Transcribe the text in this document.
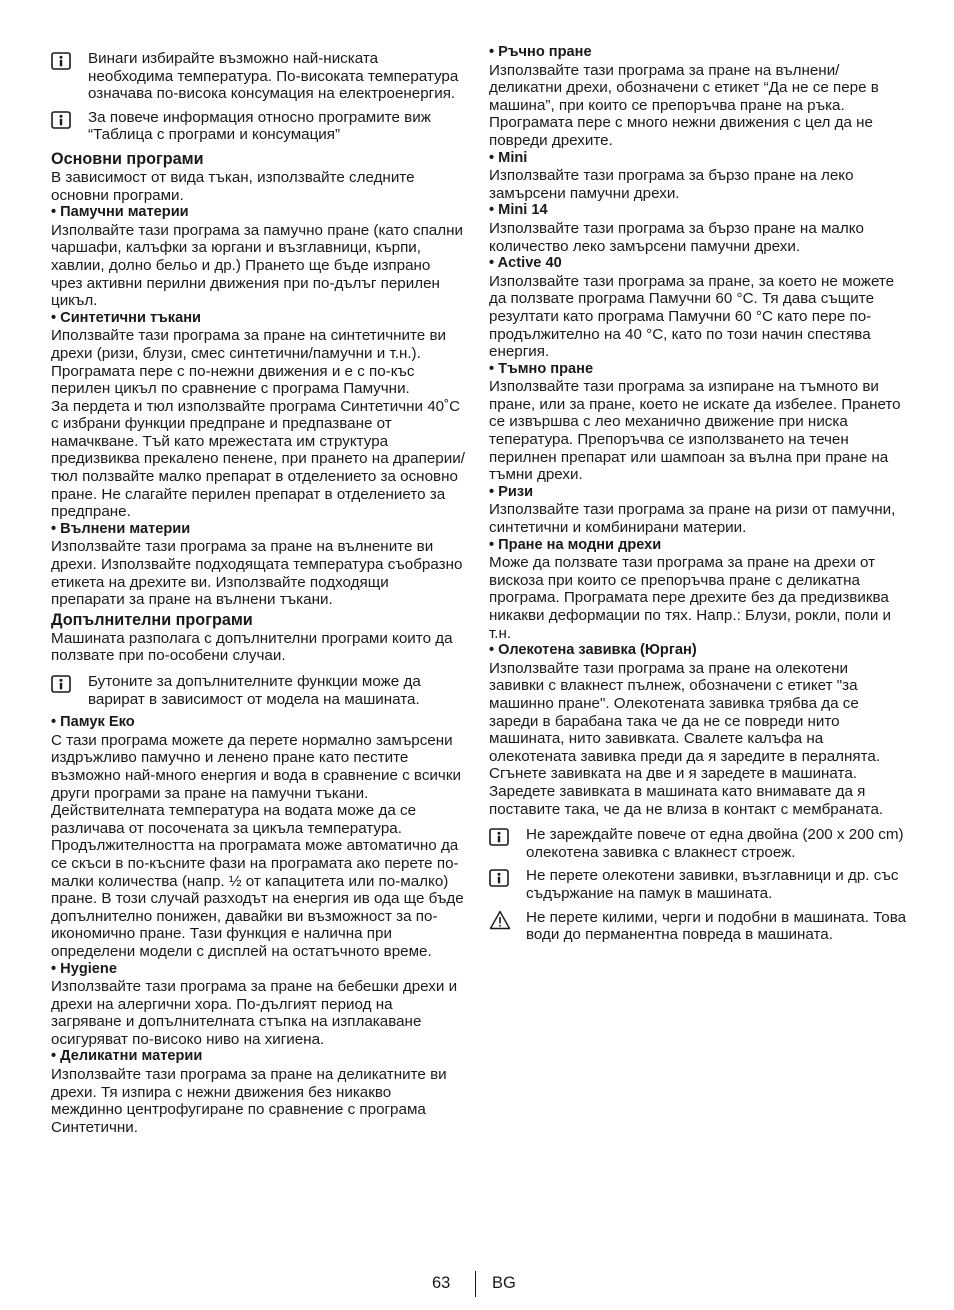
Винаги избирайте възможно най-ниската необходима температура. По-високата температура означава по-висока консумация на електроенергия.

За повече информация относно програмите виж “Таблица с програми и консумация”

Основни програми

В зависимост от вида тъкан, използвайте следните основни програми.

• Памучни материи

Изполвайте тази програма за памучно пране (като спални чаршафи, калъфки за юргани и възглавници, кърпи, хавлии, долно бельо и др.) Прането ще бъде изпрано чрез активни перилни движения при по-дълъг перилен цикъл.

• Синтетични тъкани

Иползвайте тази програма за пране на синтетичните ви дрехи (ризи, блузи, смес синтетични/памучни и т.н.). Програмата пере с по-нежни движения и е с по-къс перилен цикъл по сравнение с програма Памучни.

За пердета и тюл използвайте програма Синтетични 40˚C с избрани функции предпране и предпазване от намачкване. Тъй като мрежестата им структура предизвиква прекалено пенене, при прането на драперии/тюл ползвайте малко препарат в отделението за основно пране. Не слагайте перилен препарат в отделението за предпране.

• Вълнени материи

Използвайте тази програма за пране на вълнените ви дрехи. Използвайте подходящата температура съобразно етикета на дрехите ви. Използвайте подходящи препарати за пране на вълнени тъкани.

Допълнителни програми

Машината разполага с допълнителни програми които да ползвате при по-особени случаи.

Бутоните за допълнителните функции може да варират в зависимост от модела на машината.

• Памук Еко

С тази програма можете да перете нормално замърсени издръжливо памучно и ленено пране като пестите възможно най-много енергия и вода в сравнение с всички други програми за пране на памучни тъкани. Действителната температура на водата може да се различава от посочената за цикъла температура. Продължителността на програмата може автоматично да се скъси в по-късните фази на програмата ако перете по-малки количества (напр. ½ от капацитета или по-малко) пране. В този случай разходът на енергия ив ода ще бъде допълнително понижен, давайки ви възможност за по-икономично пране. Тази функция е налична при определени модели с дисплей на остатъчното време.

• Hygiene

Използвайте тази програма за пране на бебешки дрехи и дрехи на алергични хора. По-дългият период на загряване и допълнителната стъпка на изплакаване осигуряват по-високо ниво на хигиена.

• Деликатни материи

Използвайте тази програма за пране на деликатните ви дрехи. Тя изпира с нежни движения без никакво междинно центрофугиране по сравнение с програма Синтетични.

• Ръчно пране

Използвайте тази програма за пране на вълнени/ деликатни дрехи, обозначени с етикет “Да не се пере в машина”, при които се препоръчва пране на ръка. Програмата пере с много нежни движения с цел да не повреди дрехите.

• Mini

Използвайте тази програма за бързо пране на леко замърсени памучни дрехи.

• Mini 14

Използвайте тази програма за бързо пране на малко количество леко замърсени памучни дрехи.

• Active 40

Използвайте тази програма за пране, за което не можете да ползвате програма Памучни 60 °C. Тя дава същите резултати като програма Памучни 60 °C като пере по-продължително на 40 °C, като по този начин спестява енергия.

• Тъмно пране

Използвайте тази програма за изпиране на тъмното ви пране, или за пране, което не искате да избелее. Прането се извършва с лео механично движение при ниска тепература. Препоръчва се използването на течен перилнен препарат или шампоан за вълна при пране на тъмни дрехи.

• Ризи

Използвайте тази програма за пране на ризи от памучни, синтетични и комбинирани материи.

• Пране на модни дрехи

Може да ползвате тази програма за пране на дрехи от вискоза при които се препоръчва пране с деликатна програма. Програмата пере дрехите без да предизвиква никакви деформации по тях. Напр.: Блузи, рокли, поли и т.н.

• Олекотена завивка (Юрган)

Използвайте тази програма за пране на олекотени завивки с влакнест пълнеж, обозначени с етикет "за машинно пране". Олекотената завивка трябва да се зареди в барабана така че да не се повреди нито машината, нито завивката. Свалете калъфа на олекотената завивка преди да я заредите в пералнята. Сгънете завивката на две и я заредете в машината. Заредете завивката в машината като внимавате да я поставите така, че да не влиза в контакт с мембраната.

Не зареждайте повече от една двойна (200 x 200 cm) олекотена завивка с влакнест строеж.

Не перете олекотени завивки, възглавници и др. със съдържание на памук в машината.

Не перете килими, черги и подобни в машината. Това води до перманентна повреда в машината.

63	BG
